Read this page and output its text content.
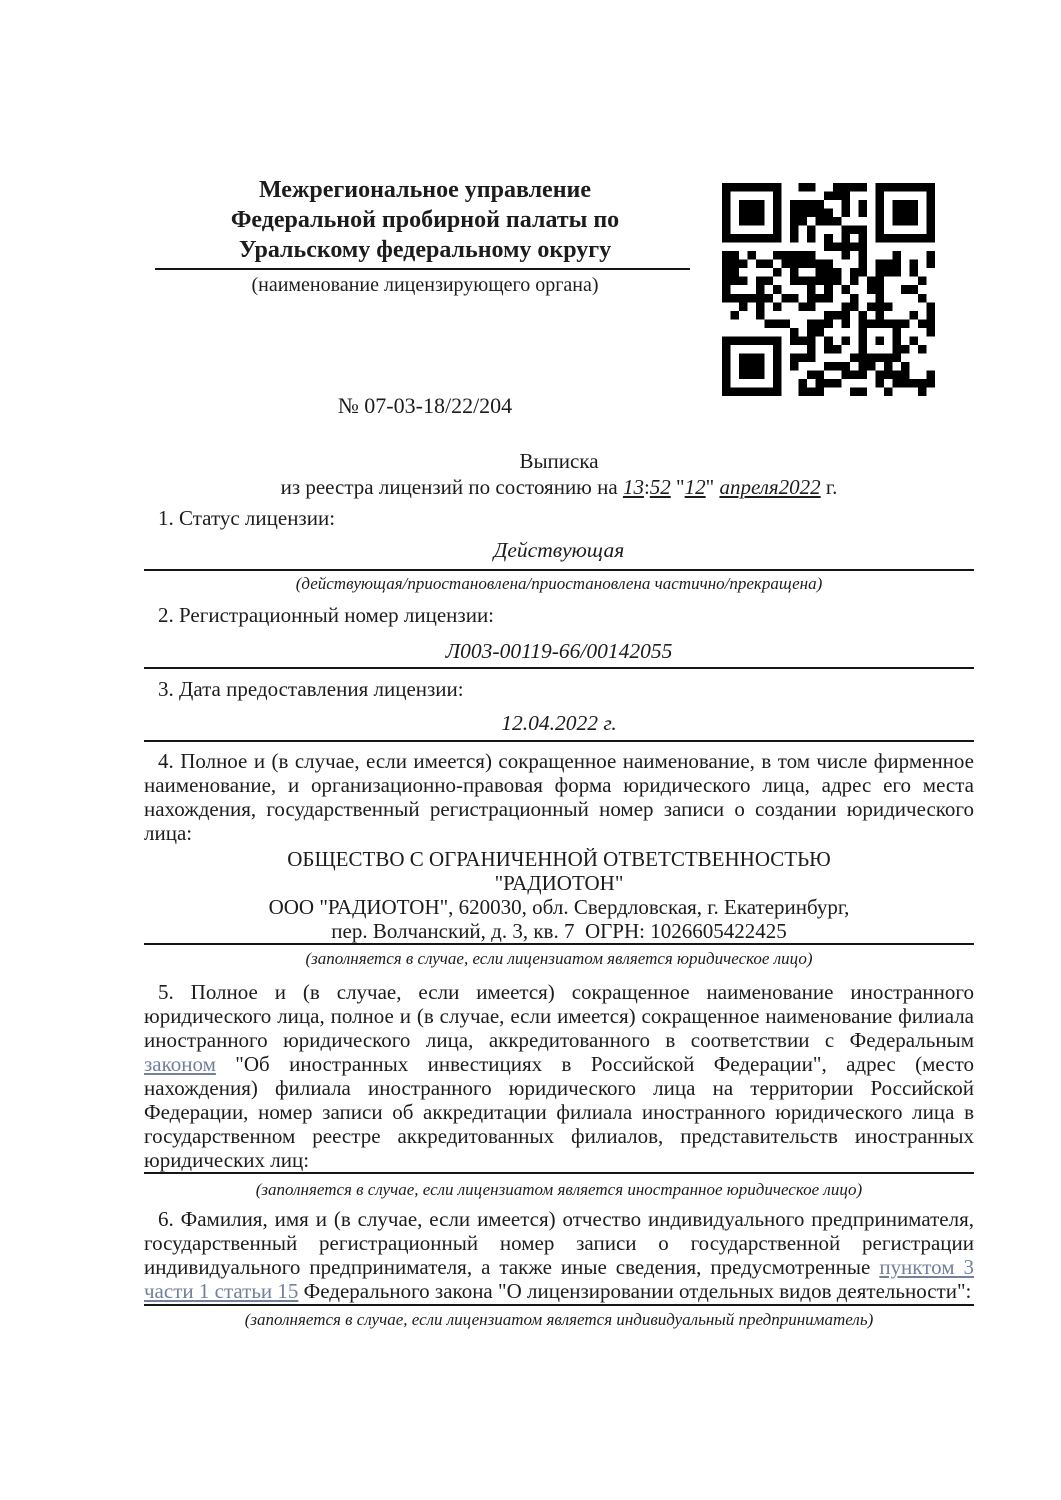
Межрегиональное управление
Федеральной пробирной палаты по
Уральскому федеральному округу
(наименование лицензирующего органа)
№ 07-03-18/22/204
Выписка
из реестра лицензий по состоянию на 13:52 "12" апреля2022 г.
1. Статус лицензии:
Действующая
(действующая/приостановлена/приостановлена частично/прекращена)
2. Регистрационный номер лицензии:
Л003-00119-66/00142055
3. Дата предоставления лицензии:
12.04.2022 г.
4. Полное и (в случае, если имеется) сокращенное наименование, в том числе фирменное наименование, и организационно-правовая форма юридического лица, адрес его места нахождения, государственный регистрационный номер записи о создании юридического лица:
ОБЩЕСТВО С ОГРАНИЧЕННОЙ ОТВЕТСТВЕННОСТЬЮ
"РАДИОТОН"
ООО "РАДИОТОН", 620030, обл. Свердловская, г. Екатеринбург,
пер. Волчанский, д. 3, кв. 7  ОГРН: 1026605422425
(заполняется в случае, если лицензиатом является юридическое лицо)
5. Полное и (в случае, если имеется) сокращенное наименование иностранного юридического лица, полное и (в случае, если имеется) сокращенное наименование филиала иностранного юридического лица, аккредитованного в соответствии с Федеральным законом "Об иностранных инвестициях в Российской Федерации", адрес (место нахождения) филиала иностранного юридического лица на территории Российской Федерации, номер записи об аккредитации филиала иностранного юридического лица в государственном реестре аккредитованных филиалов, представительств иностранных юридических лиц:
(заполняется в случае, если лицензиатом является иностранное юридическое лицо)
6. Фамилия, имя и (в случае, если имеется) отчество индивидуального предпринимателя, государственный регистрационный номер записи о государственной регистрации индивидуального предпринимателя, а также иные сведения, предусмотренные пунктом 3 части 1 статьи 15 Федерального закона "О лицензировании отдельных видов деятельности":
(заполняется в случае, если лицензиатом является индивидуальный предприниматель)
